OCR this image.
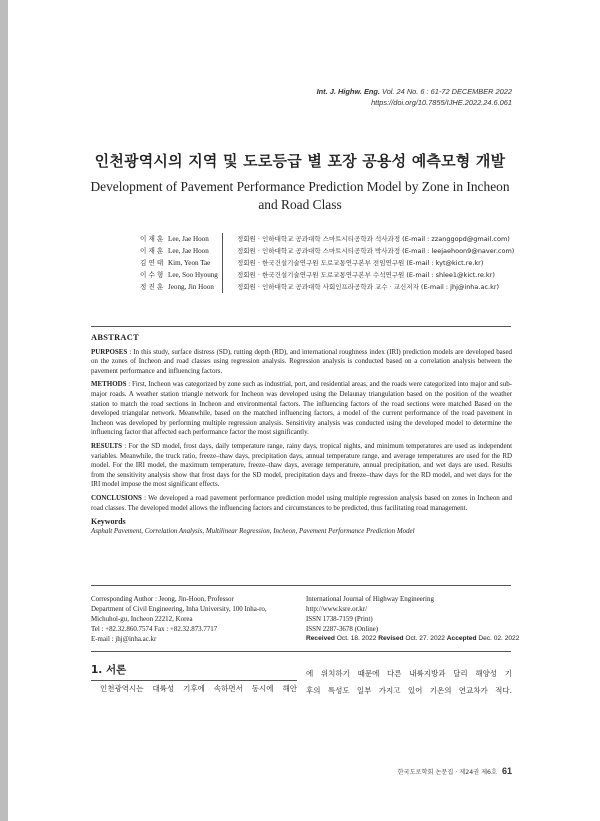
Int. J. Highw. Eng. Vol. 24 No. 6 : 61-72 DECEMBER 2022
https://doi.org/10.7855/IJHE.2022.24.6.061
인천광역시의 지역 및 도로등급 별 포장 공용성 예측모형 개발
Development of Pavement Performance Prediction Model by Zone in Incheon and Road Class
이 재 훈 Lee, Jae Hoon	정회원 · 인하대학교 공과대학 스마트시티공학과 석사과정 (E-mail : zzanggopd@gmail.com)
이 재 훈 Lee, Jae Hoon	정회원 · 인하대학교 공과대학 스마트시티공학과 박사과정 (E-mail : leejaehoon9@naver.com)
김 연 태 Kim, Yeon Tae	정회원 · 한국건설기술연구원 도로교통연구본부 전임연구원 (E-mail : kyt@kict.re.kr)
이 수 형 Lee, Soo Hyoung	정회원 · 한국건설기술연구원 도로교통연구본부 수석연구원 (E-mail : shlee1@kict.re.kr)
정 진 훈 Jeong, Jin Hoon	정회원 · 인하대학교 공과대학 사회인프라공학과 교수 · 교신저자 (E-mail : jhj@inha.ac.kr)
ABSTRACT

PURPOSES : In this study, surface distress (SD), rutting depth (RD), and international roughness index (IRI) prediction models are developed based on the zones of Incheon and road classes using regression analysis. Regression analysis is conducted based on a correlation analysis between the pavement performance and influencing factors.

METHODS : First, Incheon was categorized by zone such as industrial, port, and residential areas, and the roads were categorized into major and sub-major roads. A weather station triangle network for Incheon was developed using the Delaunay triangulation based on the position of the weather station to match the road sections in Incheon and environmental factors. The influencing factors of the road sections were matched Based on the developed triangular network. Meanwhile, based on the matched influencing factors, a model of the current performance of the road pavement in Incheon was developed by performing multiple regression analysis. Sensitivity analysis was conducted using the developed model to determine the influencing factor that affected each performance factor the most significantly.

RESULTS : For the SD model, frost days, daily temperature range, rainy days, tropical nights, and minimum temperatures are used as independent variables. Meanwhile, the truck ratio, freeze–thaw days, precipitation days, annual temperature range, and average temperatures are used for the RD model. For the IRI model, the maximum temperature, freeze–thaw days, average temperature, annual precipitation, and wet days are used. Results from the sensitivity analysis show that frost days for the SD model, precipitation days and freeze–thaw days for the RD model, and wet days for the IRI model impose the most significant effects.

CONCLUSIONS : We developed a road pavement performance prediction model using multiple regression analysis based on zones in Incheon and road classes. The developed model allows the influencing factors and circumstances to be predicted, thus facilitating road management.

Keywords
Asphalt Pavement, Correlation Analysis, Multilinear Regression, Incheon, Pavement Performance Prediction Model
Corresponding Author : Jeong, Jin-Hoon, Professor
Department of Civil Engineering, Inha University, 100 Inha-ro,
Michuhol-gu, Incheon 22212, Korea
Tel : +82.32.860.7574 Fax : +82.32.873.7717
E-mail : jhj@inha.ac.kr
International Journal of Highway Engineering
http://www.ksre.or.kr/
ISSN 1738-7159 (Print)
ISSN 2287-3678 (Online)
Received Oct. 18. 2022 Revised Oct. 27. 2022 Accepted Dec. 02. 2022
1. 서론
인천광역시는 대륙성 기후에 속하면서 동시에 해안
에 위치하기 때문에 다른 내륙지방과 달리 해양성 기
후의 특성도 일부 가지고 있어 기온의 연교차가 적다.
한국도로학회 논문집 · 제24권 제6호 61
